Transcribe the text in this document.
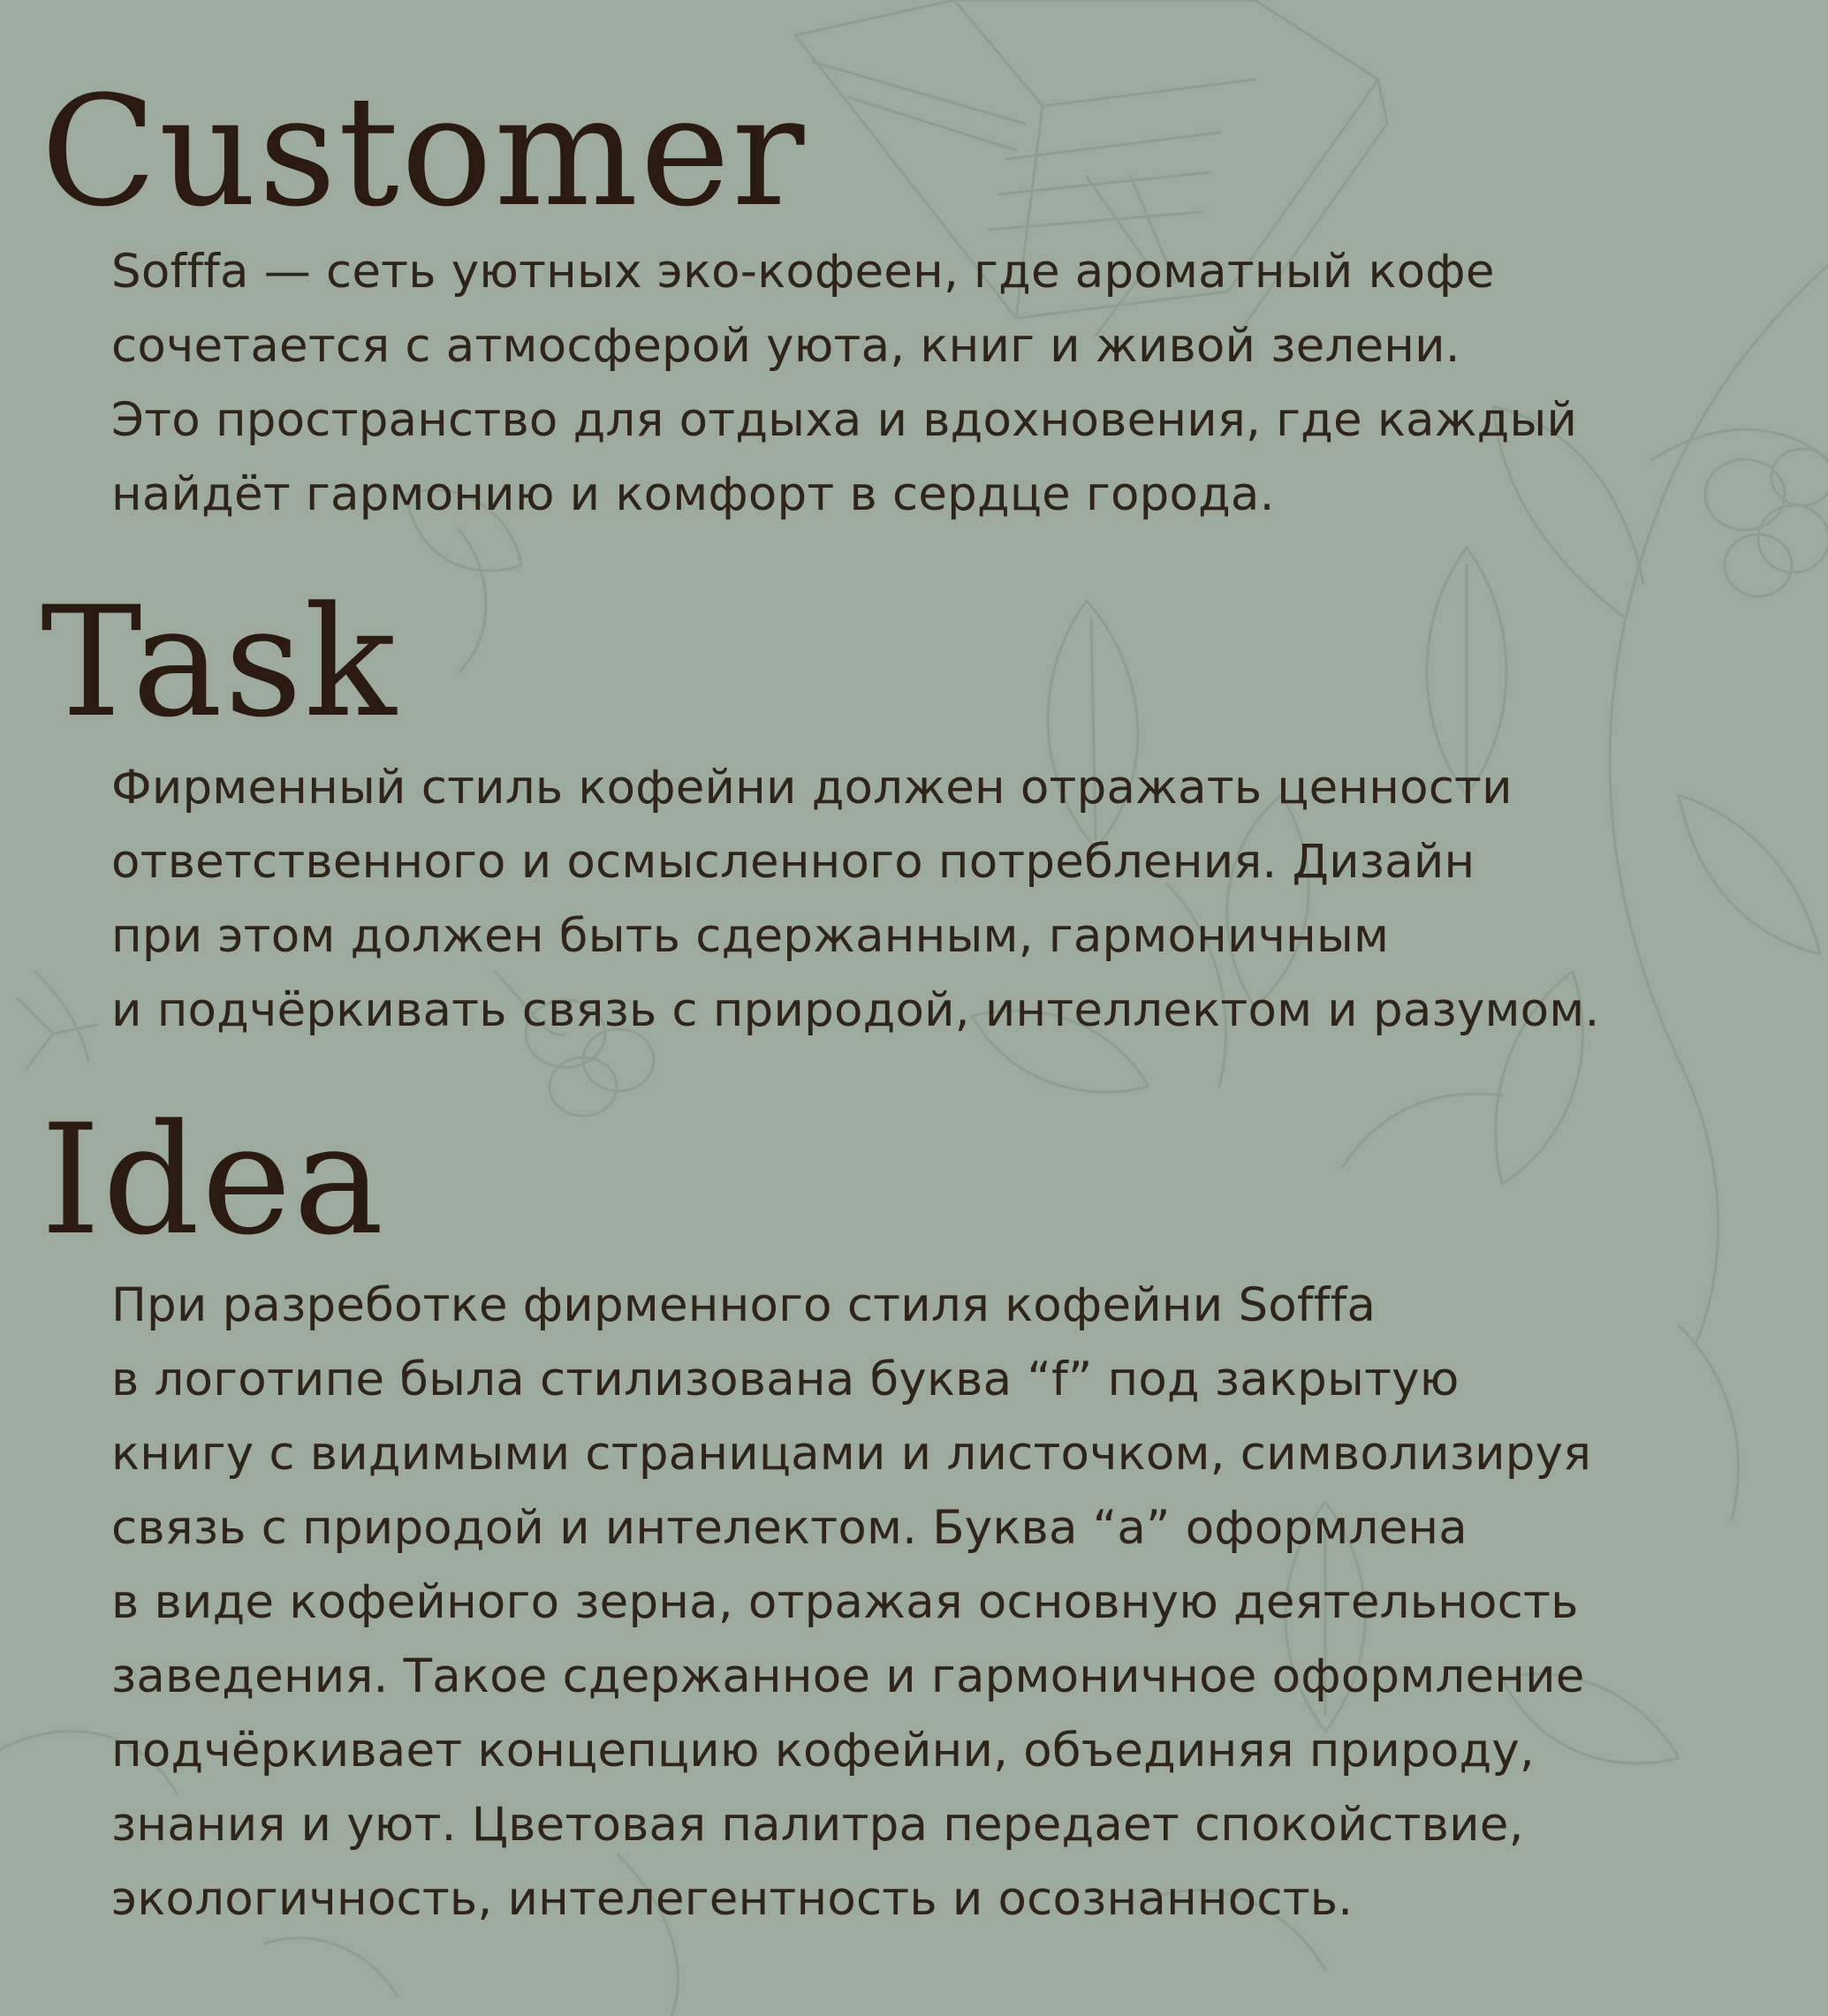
Customer

Sofffa — сеть уютных эко-кофеен, где ароматный кофе
сочетается с атмосферой уюта, книг и живой зелени.
Это пространство для отдыха и вдохновения, где каждый
найдёт гармонию и комфорт в сердце города.

Task

Фирменный стиль кофейни должен отражать ценности
ответственного и осмысленного потребления. Дизайн
при этом должен быть сдержанным, гармоничным
и подчёркивать связь с природой, интеллектом и разумом.

Idea

При разреботке фирменного стиля кофейни Sofffa
в логотипе была стилизована буква “f” под закрытую
книгу с видимыми страницами и листочком, символизируя
связь с природой и интелектом. Буква “a” оформлена
в виде кофейного зерна, отражая основную деятельность
заведения. Такое сдержанное и гармоничное оформление
подчёркивает концепцию кофейни, объединяя природу,
знания и уют. Цветовая палитра передает спокойствие,
экологичность, интелегентность и осознанность.
